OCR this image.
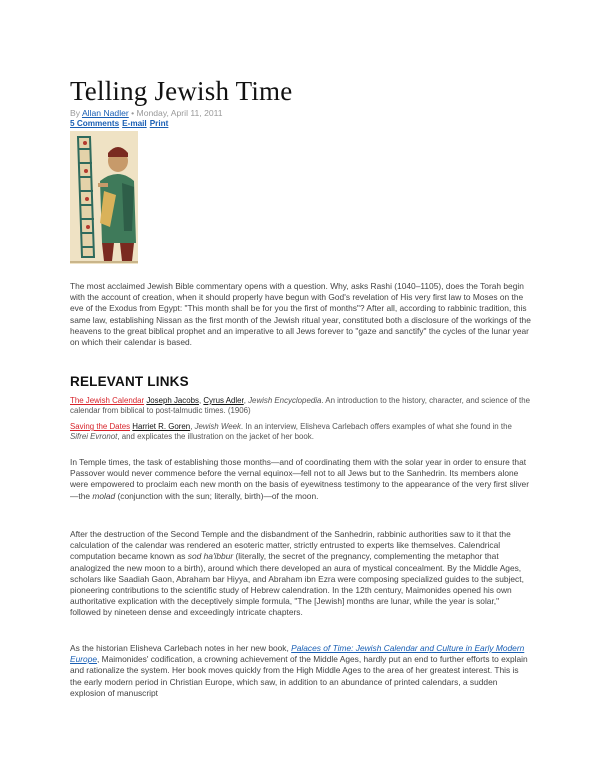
Telling Jewish Time
By Allan Nadler • Monday, April 11, 2011
5 Comments E-mail Print

The most acclaimed Jewish Bible commentary opens with a question. Why, asks Rashi (1040–1105), does the Torah begin with the account of creation, when it should properly have begun with God's revelation of His very first law to Moses on the eve of the Exodus from Egypt: "This month shall be for you the first of months"? After all, according to rabbinic tradition, this same law, establishing Nissan as the first month of the Jewish ritual year, constituted both a disclosure of the workings of the heavens to the great biblical prophet and an imperative to all Jews forever to "gaze and sanctify" the cycles of the lunar year on which their calendar is based.

RELEVANT LINKS
The Jewish Calendar Joseph Jacobs, Cyrus Adler, Jewish Encyclopedia. An introduction to the history, character, and science of the calendar from biblical to post-talmudic times. (1906)
Saving the Dates Harriet R. Goren, Jewish Week. In an interview, Elisheva Carlebach offers examples of what she found in the Sifrei Evronot, and explicates the illustration on the jacket of her book.

In Temple times, the task of establishing those months—and of coordinating them with the solar year in order to ensure that Passover would never commence before the vernal equinox—fell not to all Jews but to the Sanhedrin. Its members alone were empowered to proclaim each new month on the basis of eyewitness testimony to the appearance of the very first sliver—the molad (conjunction with the sun; literally, birth)—of the moon.

After the destruction of the Second Temple and the disbandment of the Sanhedrin, rabbinic authorities saw to it that the calculation of the calendar was rendered an esoteric matter, strictly entrusted to experts like themselves. Calendrical computation became known as sod ha'ibbur (literally, the secret of the pregnancy, complementing the metaphor that analogized the new moon to a birth), around which there developed an aura of mystical concealment. By the Middle Ages, scholars like Saadiah Gaon, Abraham bar Hiyya, and Abraham ibn Ezra were composing specialized guides to the subject, pioneering contributions to the scientific study of Hebrew calendration. In the 12th century, Maimonides opened his own authoritative explication with the deceptively simple formula, "The [Jewish] months are lunar, while the year is solar," followed by nineteen dense and exceedingly intricate chapters.

As the historian Elisheva Carlebach notes in her new book, Palaces of Time: Jewish Calendar and Culture in Early Modern Europe, Maimonides' codification, a crowning achievement of the Middle Ages, hardly put an end to further efforts to explain and rationalize the system. Her book moves quickly from the High Middle Ages to the area of her greatest interest. This is the early modern period in Christian Europe, which saw, in addition to an abundance of printed calendars, a sudden explosion of manuscript
